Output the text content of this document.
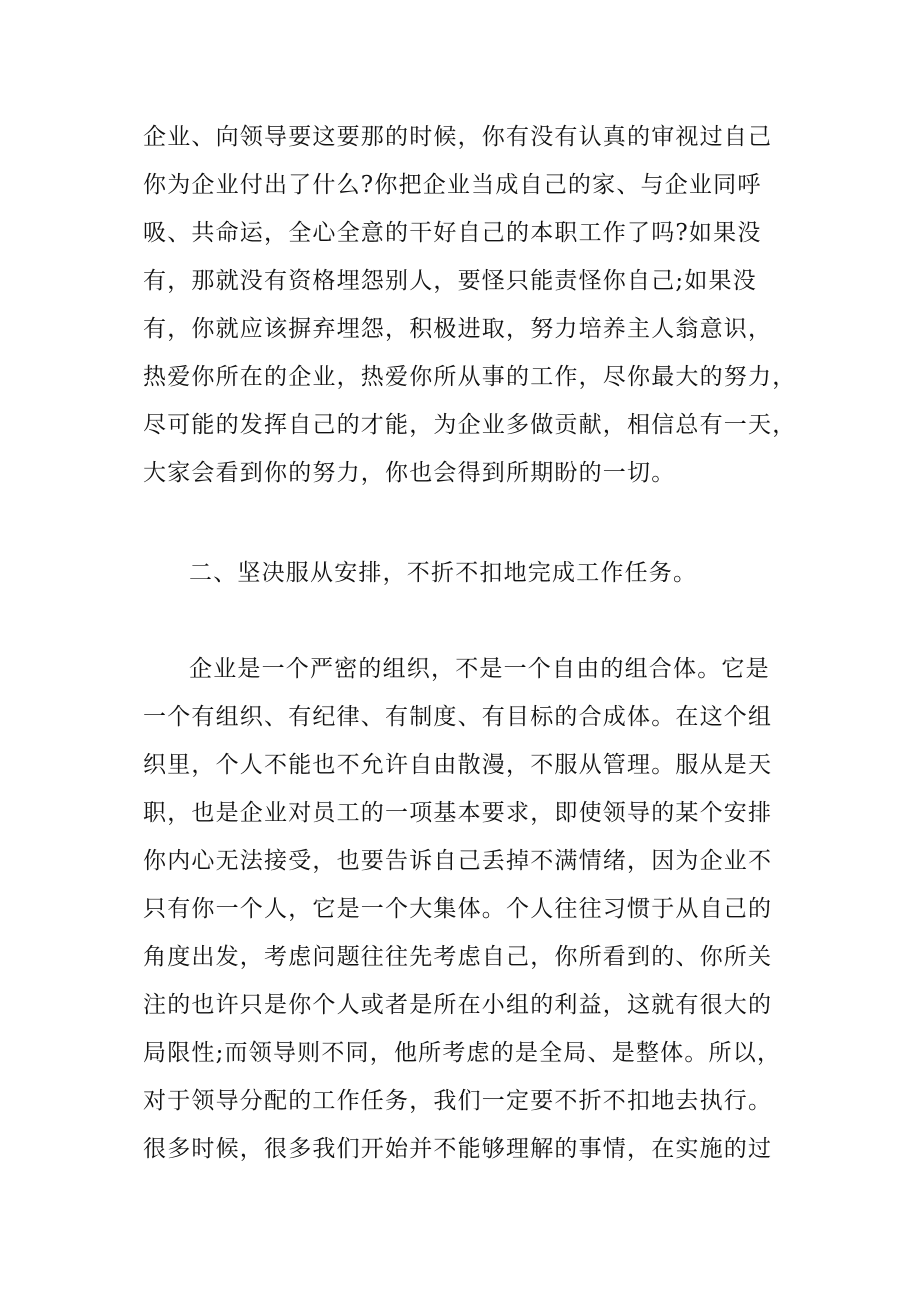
企业、向领导要这要那的时候，你有没有认真的审视过自己
你为企业付出了什么?你把企业当成自己的家、与企业同呼
吸、共命运，全心全意的干好自己的本职工作了吗?如果没
有，那就没有资格埋怨别人，要怪只能责怪你自己;如果没
有，你就应该摒弃埋怨，积极进取，努力培养主人翁意识，
热爱你所在的企业，热爱你所从事的工作，尽你最大的努力，
尽可能的发挥自己的才能，为企业多做贡献，相信总有一天，
大家会看到你的努力，你也会得到所期盼的一切。
二、坚决服从安排，不折不扣地完成工作任务。
企业是一个严密的组织，不是一个自由的组合体。它是
一个有组织、有纪律、有制度、有目标的合成体。在这个组
织里，个人不能也不允许自由散漫，不服从管理。服从是天
职，也是企业对员工的一项基本要求，即使领导的某个安排
你内心无法接受，也要告诉自己丢掉不满情绪，因为企业不
只有你一个人，它是一个大集体。个人往往习惯于从自己的
角度出发，考虑问题往往先考虑自己，你所看到的、你所关
注的也许只是你个人或者是所在小组的利益，这就有很大的
局限性;而领导则不同，他所考虑的是全局、是整体。所以，
对于领导分配的工作任务，我们一定要不折不扣地去执行。
很多时候，很多我们开始并不能够理解的事情，在实施的过
